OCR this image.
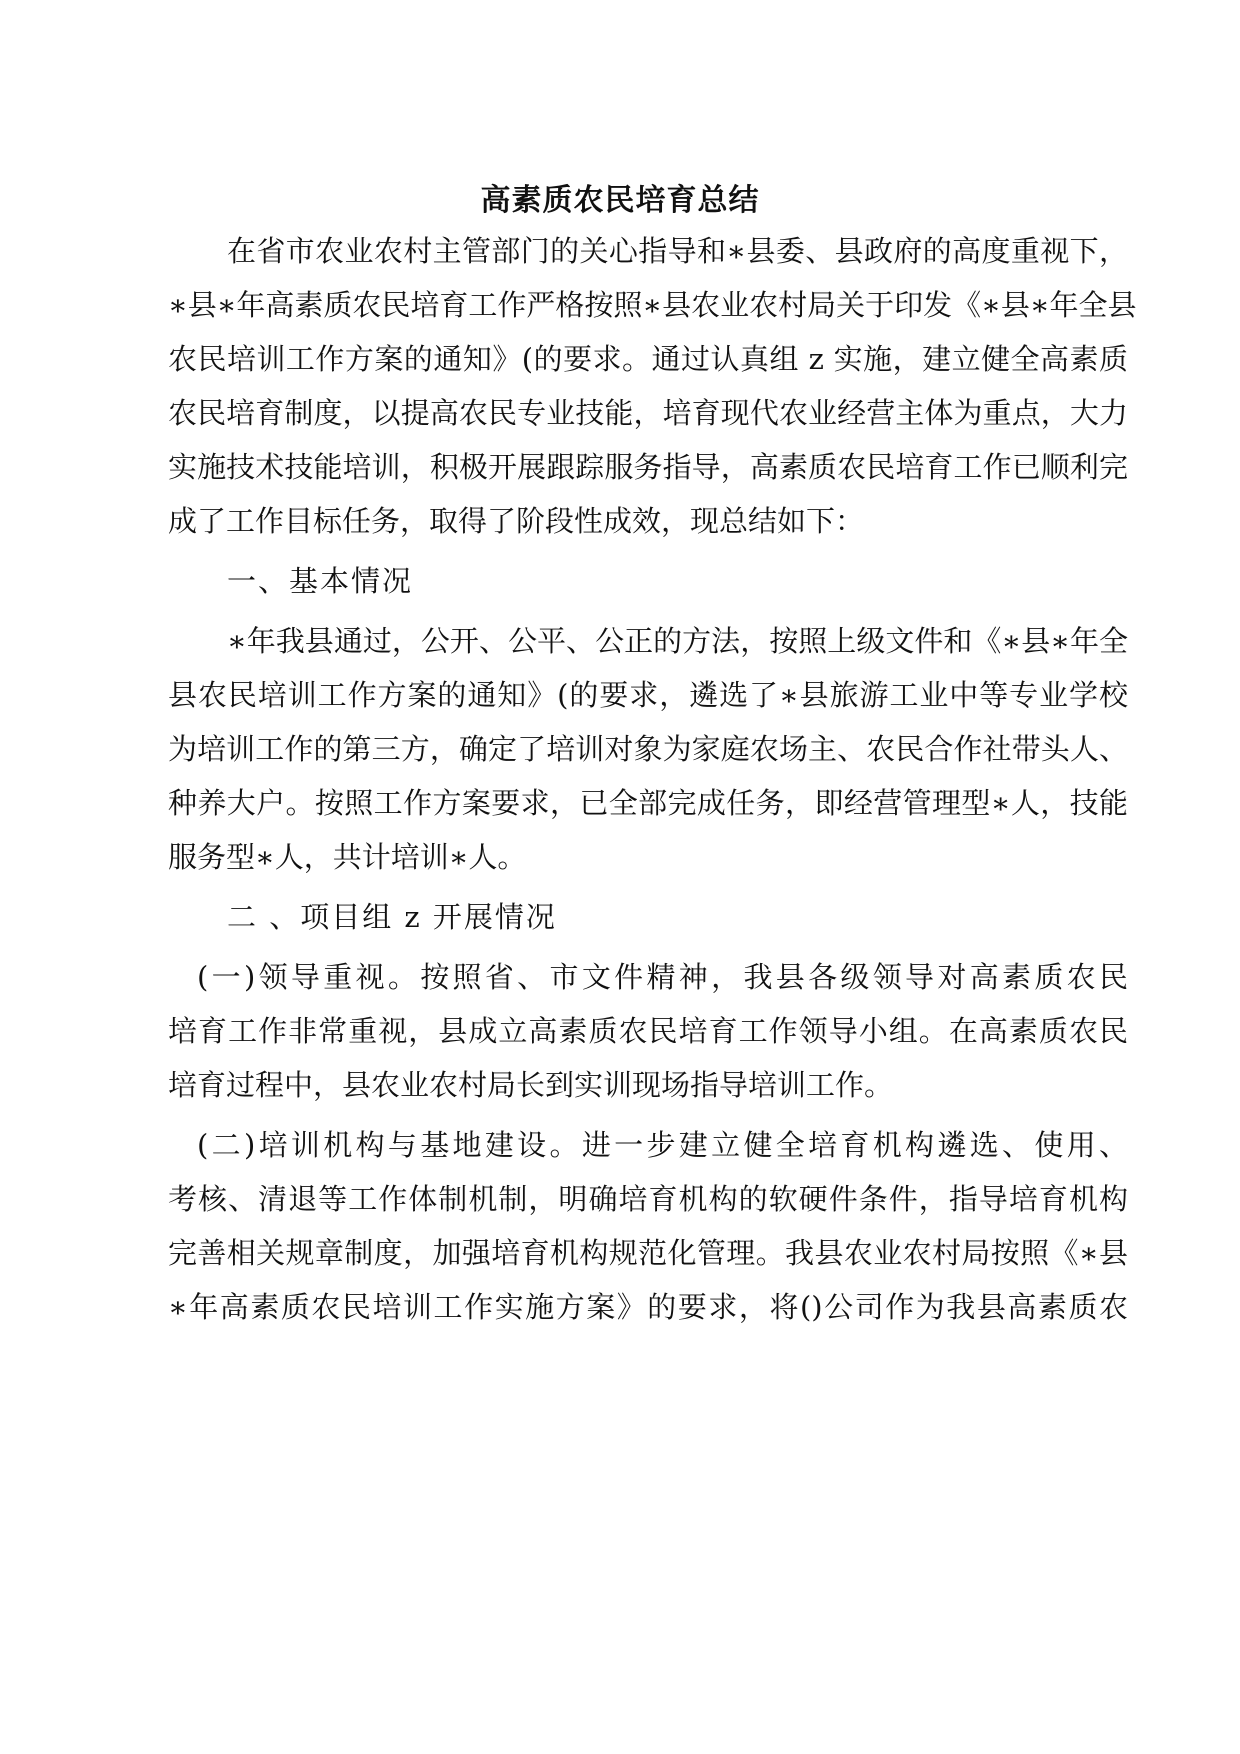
高素质农民培育总结
在省市农业农村主管部门的关心指导和∗县委、县政府的高度重视下，
∗县∗年高素质农民培育工作严格按照∗县农业农村局关于印发《∗县∗年全县
农民培训工作方案的通知》(的要求。通过认真组 z 实施，建立健全高素质
农民培育制度，以提高农民专业技能，培育现代农业经营主体为重点，大力
实施技术技能培训，积极开展跟踪服务指导，高素质农民培育工作已顺利完
成了工作目标任务，取得了阶段性成效，现总结如下：
一、基本情况
∗年我县通过，公开、公平、公正的方法，按照上级文件和《∗县∗年全
县农民培训工作方案的通知》(的要求，遴选了∗县旅游工业中等专业学校
为培训工作的第三方，确定了培训对象为家庭农场主、农民合作社带头人、
种养大户。按照工作方案要求，已全部完成任务，即经营管理型∗人，技能
服务型∗人，共计培训∗人。
二 、项目组 z 开展情况
(一)领导重视。按照省、市文件精神，我县各级领导对高素质农民
培育工作非常重视，县成立高素质农民培育工作领导小组。在高素质农民
培育过程中，县农业农村局长到实训现场指导培训工作。
(二)培训机构与基地建设。进一步建立健全培育机构遴选、使用、
考核、清退等工作体制机制，明确培育机构的软硬件条件，指导培育机构
完善相关规章制度，加强培育机构规范化管理。我县农业农村局按照《∗县
∗年高素质农民培训工作实施方案》的要求，将()公司作为我县高素质农
